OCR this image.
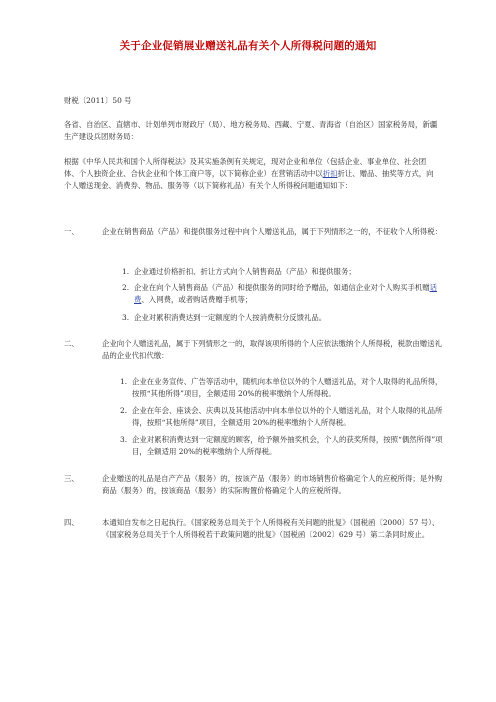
关于企业促销展业赠送礼品有关个人所得税问题的通知
财税〔2011〕50 号
各省、自治区、直辖市、计划单列市财政厅（局）、地方税务局、西藏、宁夏、青海省（自治区）国家税务局，新疆生产建设兵团财务局：
根据《中华人民共和国个人所得税法》及其实施条例有关规定，现对企业和单位（包括企业、事业单位、社会团体、个人独资企业、合伙企业和个体工商户等，以下简称企业）在营销活动中以折扣折让、赠品、抽奖等方式，向个人赠送现金、消费券、物品、服务等（以下简称礼品）有关个人所得税问题通知如下：
一、	企业在销售商品（产品）和提供服务过程中向个人赠送礼品，属于下列情形之一的，不征收个人所得税：
1. 企业通过价格折扣、折让方式向个人销售商品（产品）和提供服务；
2. 企业在向个人销售商品（产品）和提供服务的同时给予赠品，如通信企业对个人购买手机赠话费、入网费，或者购话费赠手机等；
3. 企业对累积消费达到一定额度的个人按消费积分反馈礼品。
二、	企业向个人赠送礼品，属于下列情形之一的，取得该项所得的个人应依法缴纳个人所得税，税款由赠送礼品的企业代扣代缴：
1. 企业在业务宣传、广告等活动中，随机向本单位以外的个人赠送礼品，对个人取得的礼品所得，按照“其他所得”项目，全额适用 20%的税率缴纳个人所得税。
2. 企业在年会、座谈会、庆典以及其他活动中向本单位以外的个人赠送礼品，对个人取得的礼品所得，按照“其他所得”项目，全额适用 20%的税率缴纳个人所得税。
3. 企业对累积消费达到一定额度的顾客，给予额外抽奖机会，个人的获奖所得，按照“偶然所得”项目，全额适用 20%的税率缴纳个人所得税。
三、	企业赠送的礼品是自产产品（服务）的，按该产品（服务）的市场销售价格确定个人的应税所得；是外购商品（服务）的，按该商品（服务）的实际购置价格确定个人的应税所得。
四、	本通知自发布之日起执行。《国家税务总局关于个人所得税有关问题的批复》（国税函〔2000〕57 号）、《国家税务总局关于个人所得税若干政策问题的批复》（国税函〔2002〕629 号）第二条同时废止。
